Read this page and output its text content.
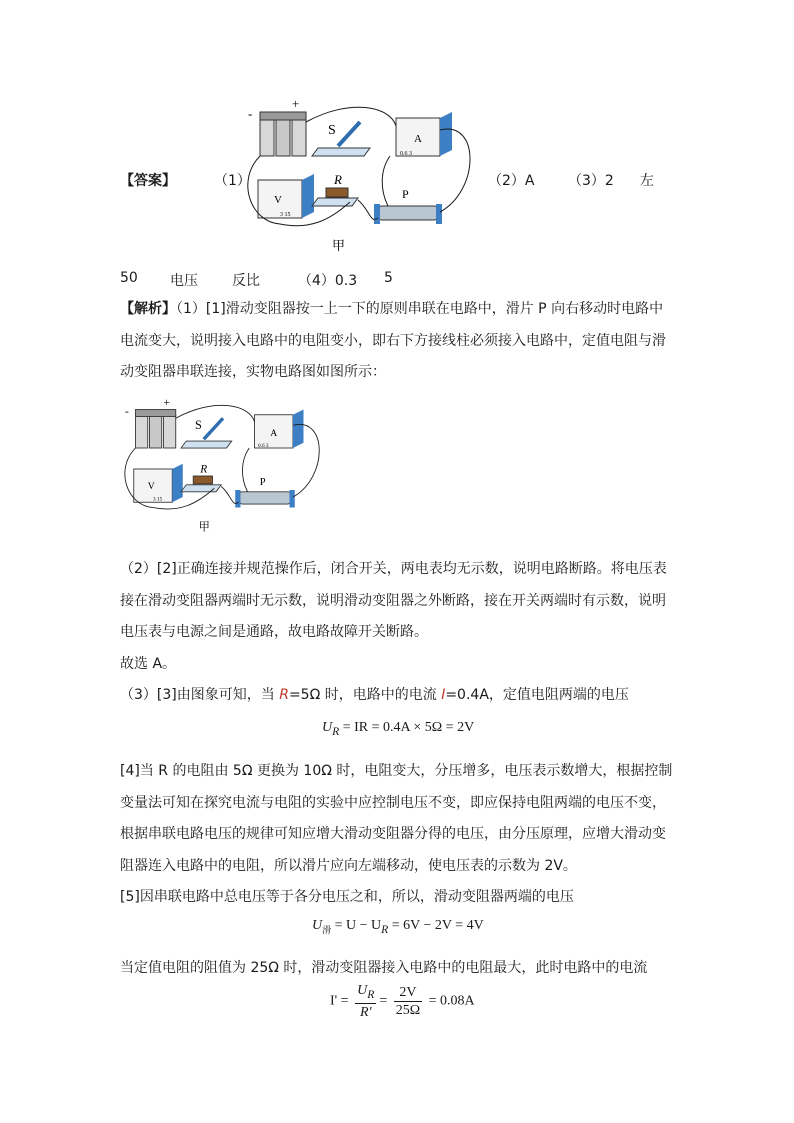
【答案】	（1）	（2）A （3）2 左
-
+
S
A
0.6 3
V
3 15
R
P
甲
50 电压 反比	（4）0.3 5
【解析】（1）[1]滑动变阻器按一上一下的原则串联在电路中，滑片 P 向右移动时电路中电流变大，说明接入电路中的电阻变小，即右下方接线柱必须接入电路中，定值电阻与滑动变阻器串联连接，实物电路图如图所示：
-
+
S
A
0.6 3
V
3 15
R
P
甲
（2）[2]正确连接并规范操作后，闭合开关，两电表均无示数，说明电路断路。将电压表接在滑动变阻器两端时无示数，说明滑动变阻器之外断路，接在开关两端时有示数，说明电压表与电源之间是通路，故电路故障开关断路。
故选 A。
（3）[3]由图象可知，当 R=5Ω 时，电路中的电流 I=0.4A，定值电阻两端的电压
$U_R$ = IR = 0.4A × 5Ω = 2V
[4]当 R 的电阻由 5Ω 更换为 10Ω 时，电阻变大，分压增多，电压表示数增大，根据控制变量法可知在探究电流与电阻的实验中应控制电压不变，即应保持电阻两端的电压不变，根据串联电路电压的规律可知应增大滑动变阻器分得的电压，由分压原理，应增大滑动变阻器连入电路中的电阻，所以滑片应向左端移动，使电压表的示数为 2V。
[5]因串联电路中总电压等于各分电压之和，所以，滑动变阻器两端的电压
$U_滑 = U - U_R = 6V - 2V = 4V$
当定值电阻的阻值为 25Ω 时，滑动变阻器接入电路中的电阻最大，此时电路中的电流
$I' = \frac{U_R}{R'} = \frac{2V}{25\Omega} = 0.08A$
